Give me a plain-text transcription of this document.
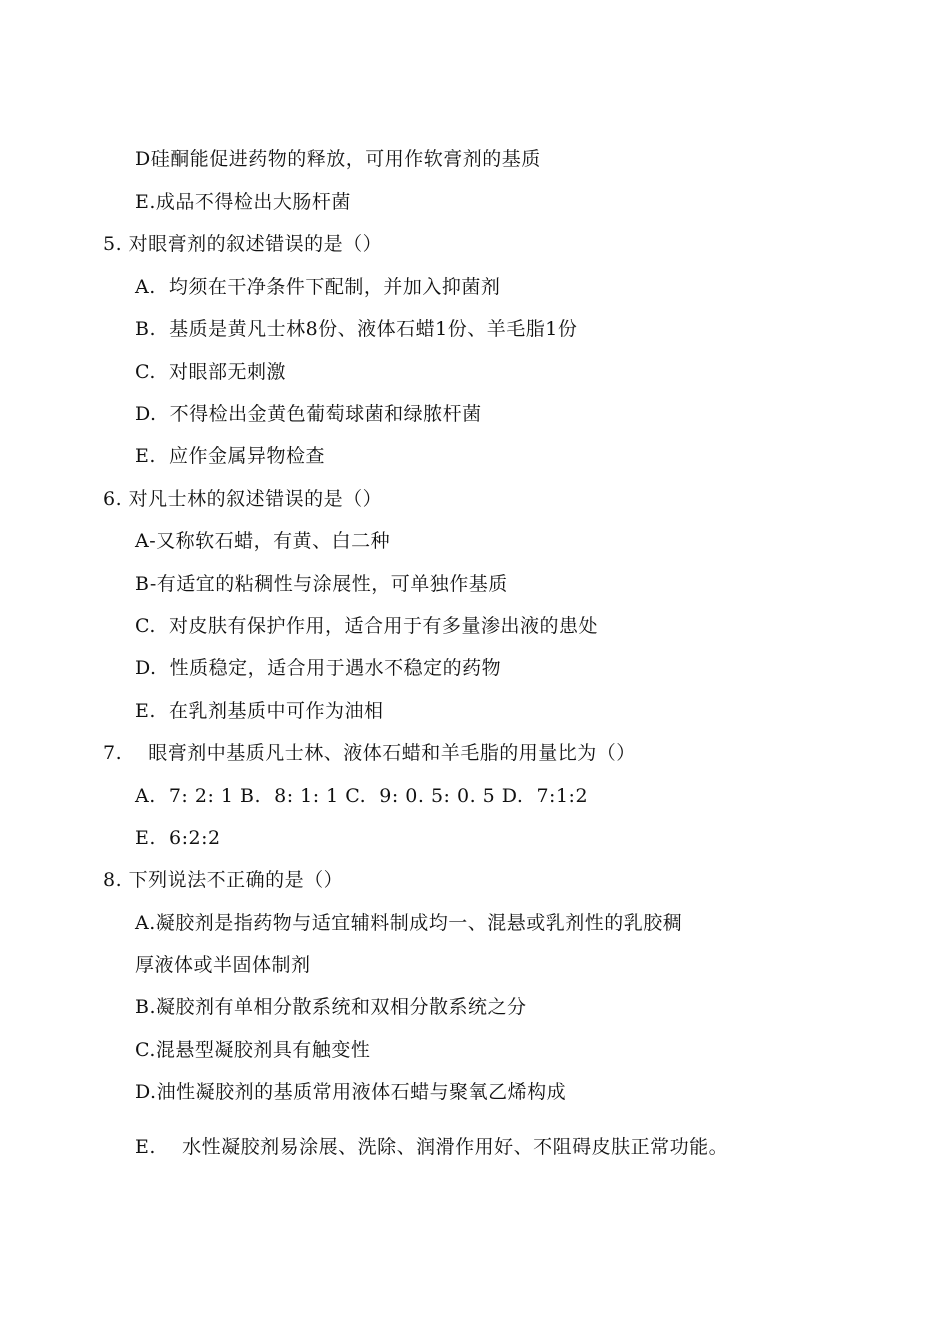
D硅酮能促进药物的释放，可用作软膏剂的基质
E.成品不得检出大肠杆菌
5. 对眼膏剂的叙述错误的是（）
A.  均须在干净条件下配制，并加入抑菌剂
B.  基质是黄凡士林8份、液体石蜡1份、羊毛脂1份
C.  对眼部无刺激
D.  不得检出金黄色葡萄球菌和绿脓杆菌
E.  应作金属异物检查
6. 对凡士林的叙述错误的是（）
A-又称软石蜡，有黄、白二种
B-有适宜的粘稠性与涂展性，可单独作基质
C.  对皮肤有保护作用，适合用于有多量渗出液的患处
D.  性质稳定，适合用于遇水不稳定的药物
E.  在乳剂基质中可作为油相
7.    眼膏剂中基质凡士林、液体石蜡和羊毛脂的用量比为（）
A.  7: 2: 1 B.  8: 1: 1 C.  9: 0. 5: 0. 5 D.  7:1:2
E.  6:2:2
8. 下列说法不正确的是（）
A.凝胶剂是指药物与适宜辅料制成均一、混悬或乳剂性的乳胶稠
厚液体或半固体制剂
B.凝胶剂有单相分散系统和双相分散系统之分
C.混悬型凝胶剂具有触变性
D.油性凝胶剂的基质常用液体石蜡与聚氧乙烯构成
E.    水性凝胶剂易涂展、洗除、润滑作用好、不阻碍皮肤正常功能。
